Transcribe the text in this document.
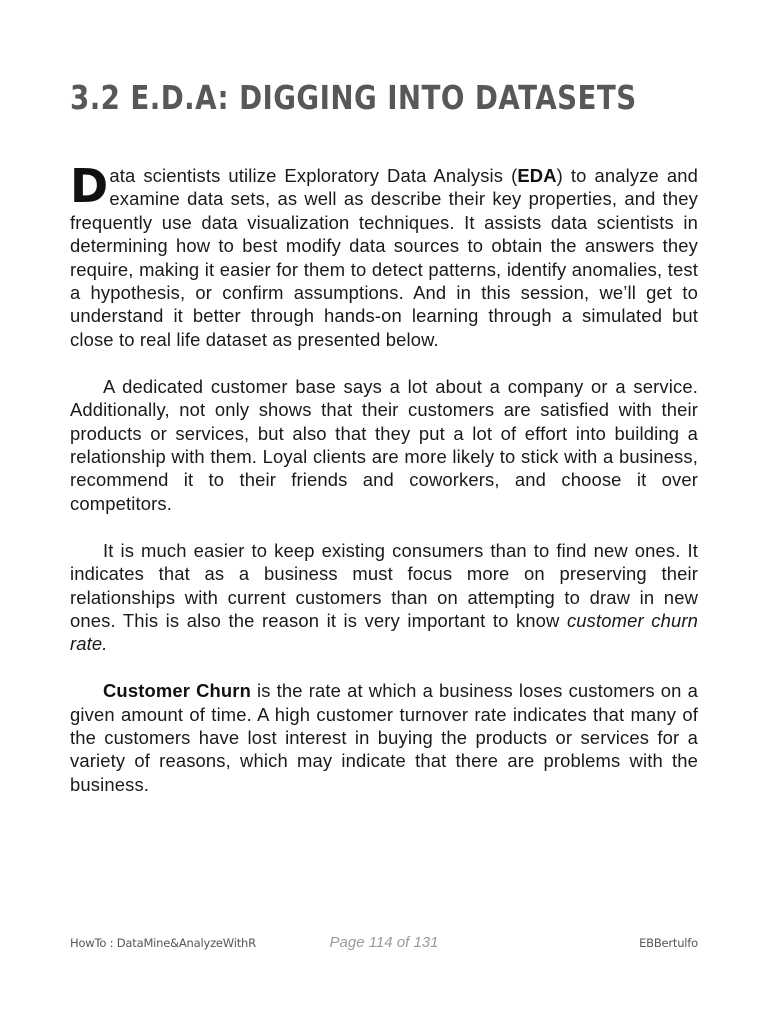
3.2 E.D.A: DIGGING INTO DATASETS

Data scientists utilize Exploratory Data Analysis (EDA) to analyze and examine data sets, as well as describe their key properties, and they frequently use data visualization techniques. It assists data scientists in determining how to best modify data sources to obtain the answers they require, making it easier for them to detect patterns, identify anomalies, test a hypothesis, or confirm assumptions. And in this session, we’ll get to understand it better through hands-on learning through a simulated but close to real life dataset as presented below.

A dedicated customer base says a lot about a company or a service. Additionally, not only shows that their customers are satisfied with their products or services, but also that they put a lot of effort into building a relationship with them. Loyal clients are more likely to stick with a business, recommend it to their friends and coworkers, and choose it over competitors.

It is much easier to keep existing consumers than to find new ones. It indicates that as a business must focus more on preserving their relationships with current customers than on attempting to draw in new ones. This is also the reason it is very important to know customer churn rate.

Customer Churn is the rate at which a business loses customers on a given amount of time. A high customer turnover rate indicates that many of the customers have lost interest in buying the products or services for a variety of reasons, which may indicate that there are problems with the business.

HowTo : DataMine&AnalyzeWithR	Page 114 of 131	EBBertulfo
